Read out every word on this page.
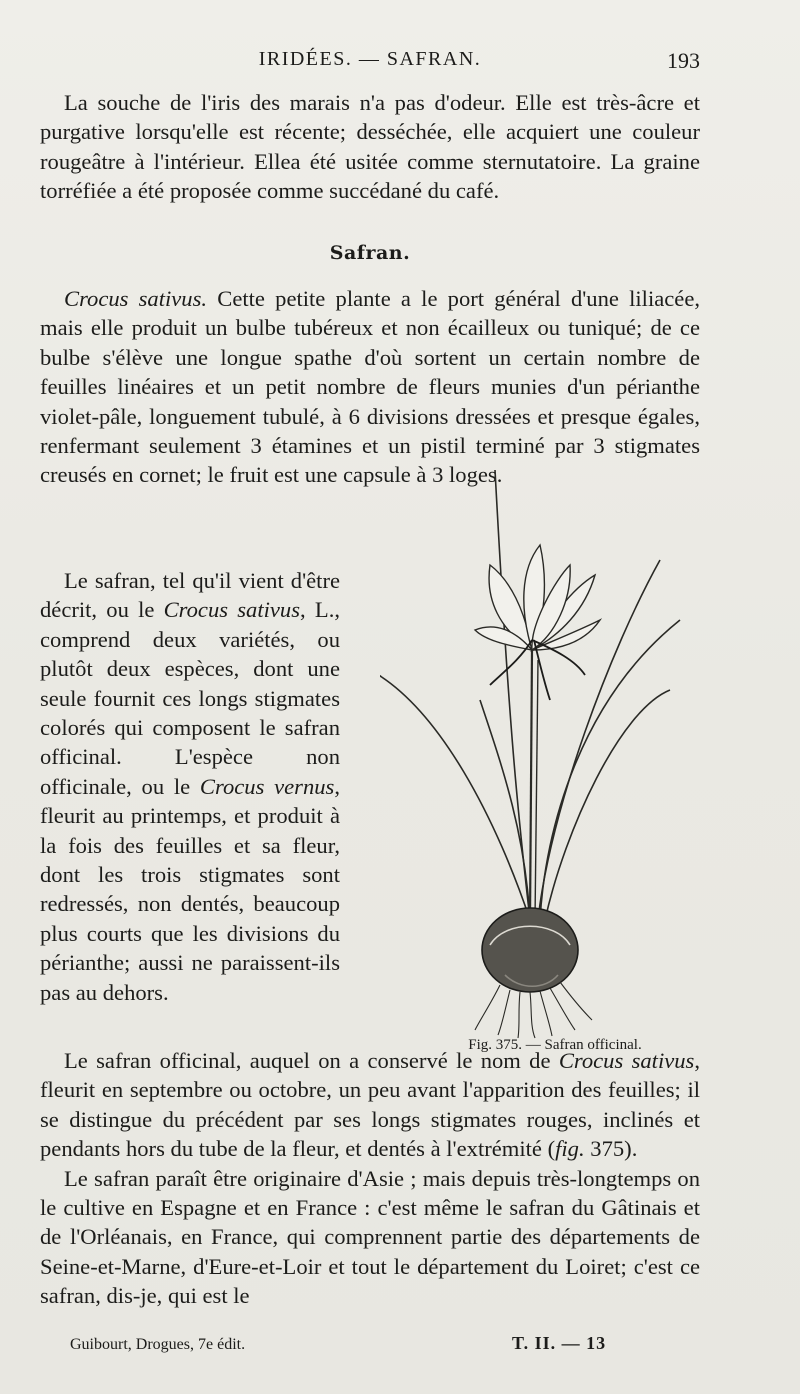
IRIDÉES. — SAFRAN.	193

La souche de l'iris des marais n'a pas d'odeur. Elle est très-âcre et purgative lorsqu'elle est récente; desséchée, elle acquiert une couleur rougeâtre à l'intérieur. Ellea été usitée comme sternutatoire. La graine torréfiée a été proposée comme succédané du café.

Safran.

Crocus sativus. Cette petite plante a le port général d'une liliacée, mais elle produit un bulbe tubéreux et non écailleux ou tuniqué; de ce bulbe s'élève une longue spathe d'où sortent un certain nombre de feuilles linéaires et un petit nombre de fleurs munies d'un périanthe violet-pâle, longuement tubulé, à 6 divisions dressées et presque égales, renfermant seulement 3 étamines et un pistil terminé par 3 stigmates creusés en cornet; le fruit est une capsule à 3 loges.

Le safran, tel qu'il vient d'être décrit, ou le Crocus sativus, L., comprend deux variétés, ou plutôt deux espèces, dont une seule fournit ces longs stigmates colorés qui composent le safran officinal. L'espèce non officinale, ou le Crocus vernus, fleurit au printemps, et produit à la fois des feuilles et sa fleur, dont les trois stigmates sont redressés, non dentés, beaucoup plus courts que les divisions du périanthe; aussi ne paraissent-ils pas au dehors.

Le safran officinal, auquel on a conservé le nom de Crocus sativus, fleurit en septembre ou octobre, un peu avant l'apparition des feuilles; il se distingue du précédent par ses longs stigmates rouges, inclinés et pendants hors du tube de la fleur, et dentés à l'extrémité (fig. 375).

Le safran paraît être originaire d'Asie ; mais depuis très-longtemps on le cultive en Espagne et en France : c'est même le safran du Gâtinais et de l'Orléanais, en France, qui comprennent partie des départements de Seine-et-Marne, d'Eure-et-Loir et tout le département du Loiret; c'est ce safran, dis-je, qui est le

Fig. 375. — Safran officinal.
Guibourt, Drogues, 7e édit.	T. II. — 13
